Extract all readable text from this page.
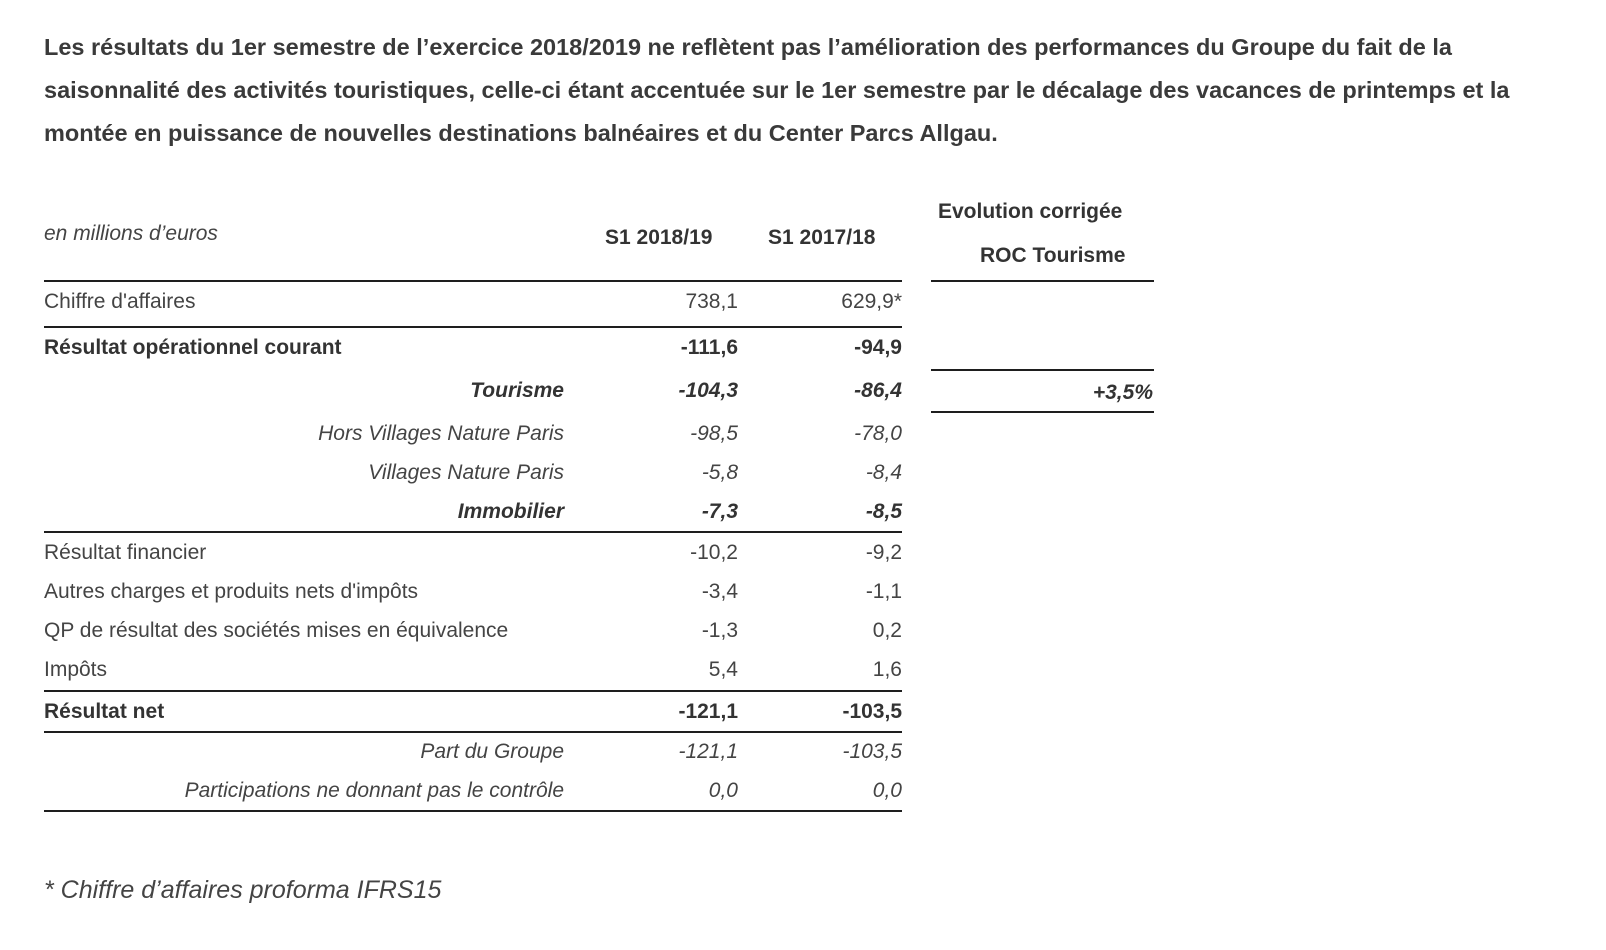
Les résultats du 1er semestre de l’exercice 2018/2019 ne reflètent pas l’amélioration des performances du Groupe du fait de la saisonnalité des activités touristiques, celle-ci étant accentuée sur le 1er semestre par le décalage des vacances de printemps et la montée en puissance de nouvelles destinations balnéaires et du Center Parcs Allgau.

en millions d’euros	S1 2018/19	S1 2017/18
Evolution corrigée
ROC Tourisme
Chiffre d'affaires	738,1	629,9*
Résultat opérationnel courant	-111,6	-94,9
Tourisme	-104,3	-86,4	+3,5%
Hors Villages Nature Paris	-98,5	-78,0
Villages Nature Paris	-5,8	-8,4
Immobilier	-7,3	-8,5
Résultat financier	-10,2	-9,2
Autres charges et produits nets d'impôts	-3,4	-1,1
QP de résultat des sociétés mises en équivalence	-1,3	0,2
Impôts	5,4	1,6
Résultat net	-121,1	-103,5
Part du Groupe	-121,1	-103,5
Participations ne donnant pas le contrôle	0,0	0,0
* Chiffre d’affaires proforma IFRS15
